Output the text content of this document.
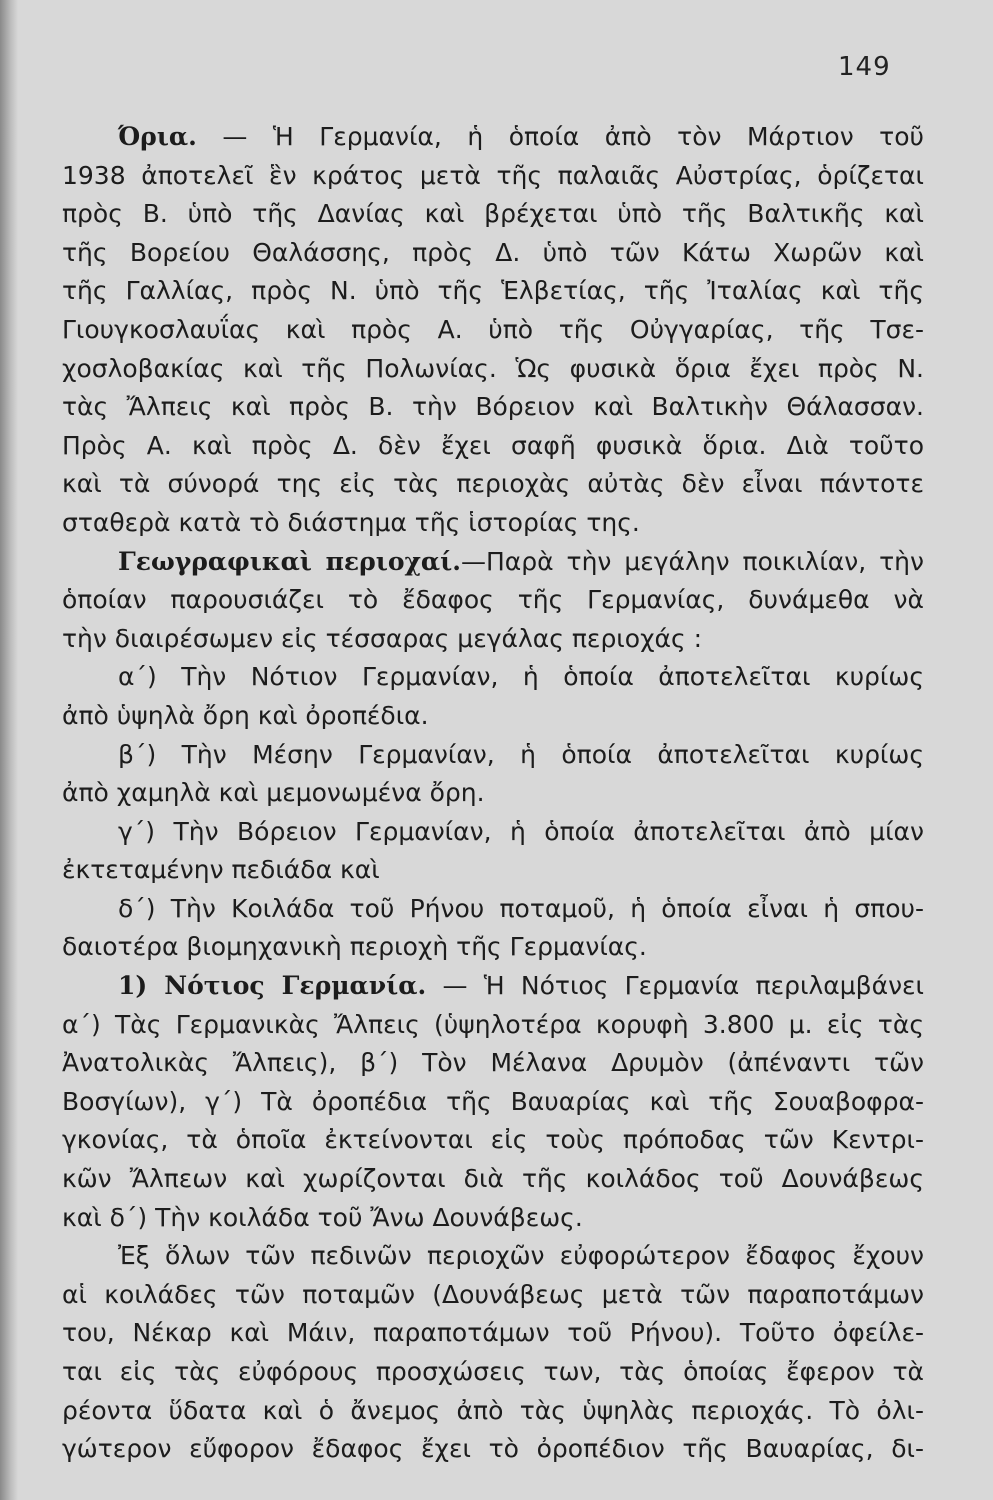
149
Όρια. — Ἡ Γερμανία, ἡ ὁποία ἀπὸ τὸν Μάρτιον τοῦ
1938 ἀποτελεῖ ἓν κράτος μετὰ τῆς παλαιᾶς Αὐστρίας, ὁρίζεται
πρὸς Β. ὑπὸ τῆς Δανίας καὶ βρέχεται ὑπὸ τῆς Βαλτικῆς καὶ
τῆς Βορείου Θαλάσσης, πρὸς Δ. ὑπὸ τῶν Κάτω Χωρῶν καὶ
τῆς Γαλλίας, πρὸς Ν. ὑπὸ τῆς Ἑλβετίας, τῆς Ἰταλίας καὶ τῆς
Γιουγκοσλαυΐας καὶ πρὸς Α. ὑπὸ τῆς Οὐγγαρίας, τῆς Τσε-
χοσλοβακίας καὶ τῆς Πολωνίας. Ὡς φυσικὰ ὅρια ἔχει πρὸς Ν.
τὰς Ἄλπεις καὶ πρὸς Β. τὴν Βόρειον καὶ Βαλτικὴν Θάλασσαν.
Πρὸς Α. καὶ πρὸς Δ. δὲν ἔχει σαφῆ φυσικὰ ὅρια. Διὰ τοῦτο
καὶ τὰ σύνορά της εἰς τὰς περιοχὰς αὐτὰς δὲν εἶναι πάντοτε
σταθερὰ κατὰ τὸ διάστημα τῆς ἱστορίας της.
Γεωγραφικαὶ περιοχαί.—Παρὰ τὴν μεγάλην ποικιλίαν, τὴν
ὁποίαν παρουσιάζει τὸ ἔδαφος τῆς Γερμανίας, δυνάμεθα νὰ
τὴν διαιρέσωμεν εἰς τέσσαρας μεγάλας περιοχάς :
α΄) Τὴν Νότιον Γερμανίαν, ἡ ὁποία ἀποτελεῖται κυρίως
ἀπὸ ὑψηλὰ ὄρη καὶ ὀροπέδια.
β΄) Τὴν Μέσην Γερμανίαν, ἡ ὁποία ἀποτελεῖται κυρίως
ἀπὸ χαμηλὰ καὶ μεμονωμένα ὄρη.
γ΄) Τὴν Βόρειον Γερμανίαν, ἡ ὁποία ἀποτελεῖται ἀπὸ μίαν
ἐκτεταμένην πεδιάδα καὶ
δ΄) Τὴν Κοιλάδα τοῦ Ρήνου ποταμοῦ, ἡ ὁποία εἶναι ἡ σπου-
δαιοτέρα βιομηχανικὴ περιοχὴ τῆς Γερμανίας.
1) Νότιος Γερμανία. — Ἡ Νότιος Γερμανία περιλαμβάνει
α΄) Τὰς Γερμανικὰς Ἄλπεις (ὑψηλοτέρα κορυφὴ 3.800 μ. εἰς τὰς
Ἀνατολικὰς Ἄλπεις), β΄) Τὸν Μέλανα Δρυμὸν (ἀπέναντι τῶν
Βοσγίων), γ΄) Τὰ ὀροπέδια τῆς Βαυαρίας καὶ τῆς Σουαβοφρα-
γκονίας, τὰ ὁποῖα ἐκτείνονται εἰς τοὺς πρόποδας τῶν Κεντρι-
κῶν Ἄλπεων καὶ χωρίζονται διὰ τῆς κοιλάδος τοῦ Δουνάβεως
καὶ δ΄) Τὴν κοιλάδα τοῦ Ἄνω Δουνάβεως.
Ἐξ ὅλων τῶν πεδινῶν περιοχῶν εὐφορώτερον ἔδαφος ἔχουν
αἱ κοιλάδες τῶν ποταμῶν (Δουνάβεως μετὰ τῶν παραποτάμων
του, Νέκαρ καὶ Μάιν, παραποτάμων τοῦ Ρήνου). Τοῦτο ὀφείλε-
ται εἰς τὰς εὐφόρους προσχώσεις των, τὰς ὁποίας ἔφερον τὰ
ρέοντα ὕδατα καὶ ὁ ἄνεμος ἀπὸ τὰς ὑψηλὰς περιοχάς. Τὸ ὀλι-
γώτερον εὔφορον ἔδαφος ἔχει τὸ ὀροπέδιον τῆς Βαυαρίας, δι-
